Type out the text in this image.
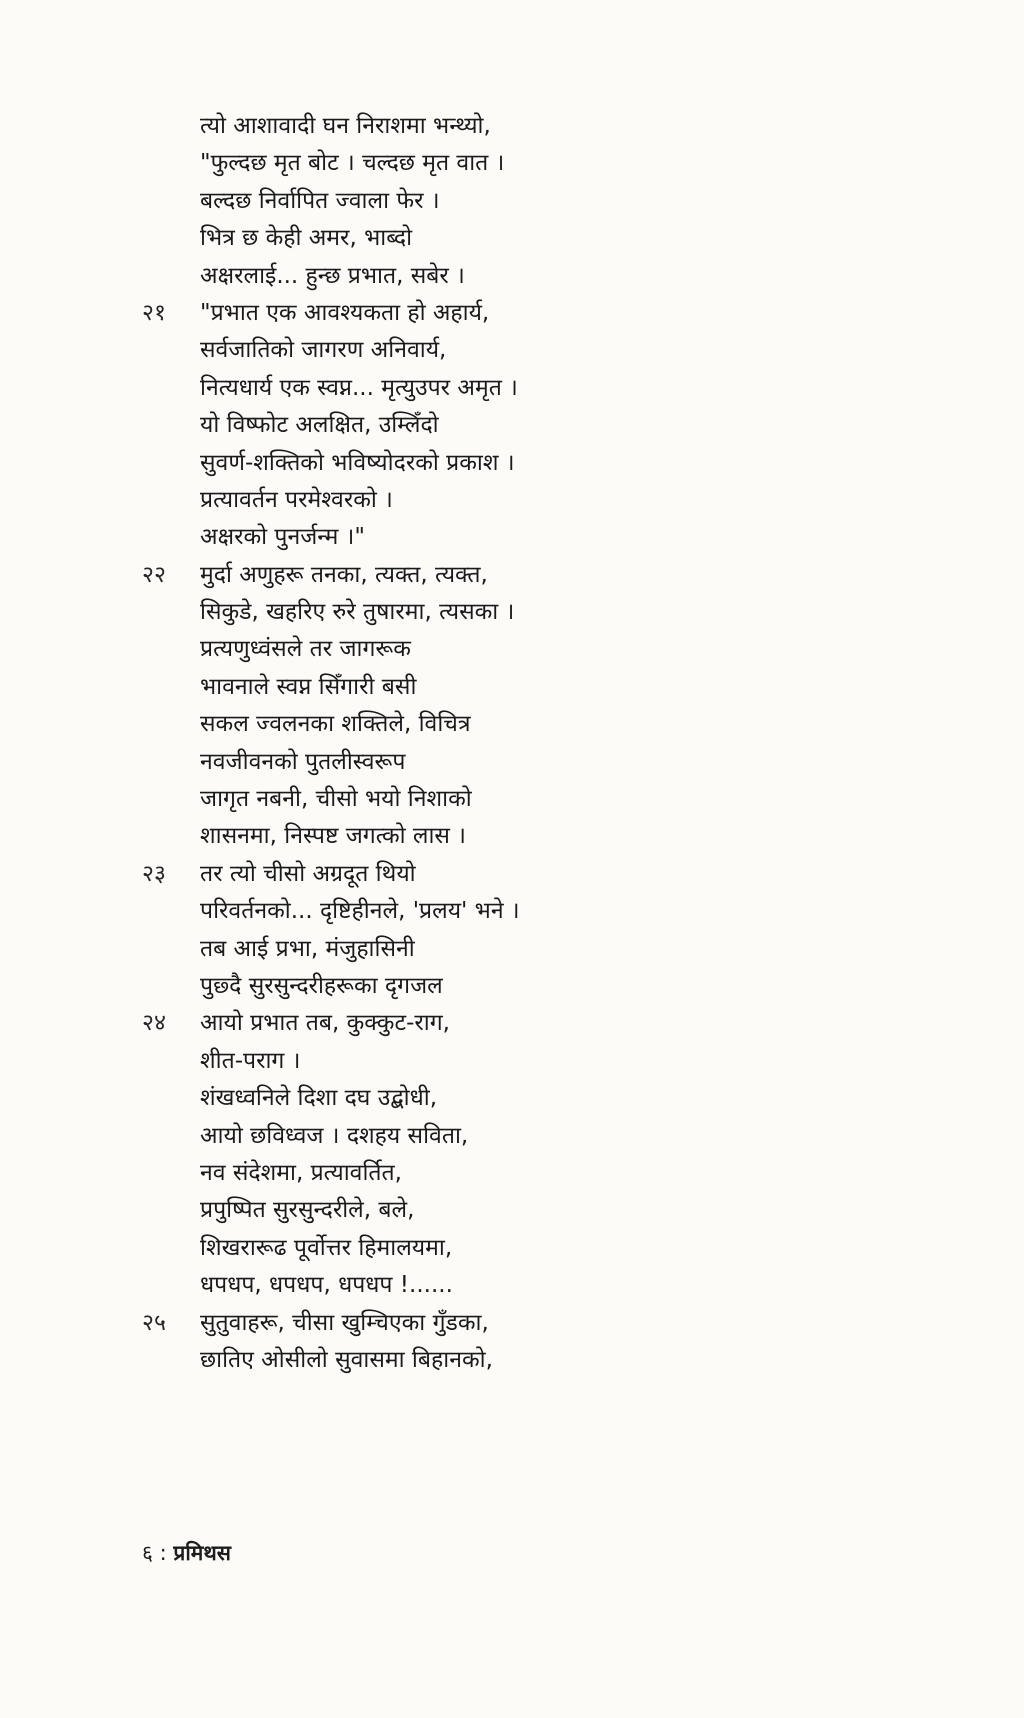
त्यो आशावादी घन निराशमा भन्थ्यो,
"फुल्दछ मृत बोट । चल्दछ मृत वात ।
बल्दछ निर्वापित ज्वाला फेर ।
भित्र छ केही अमर, भाब्दो
अक्षरलाई... हुन्छ प्रभात, सबेर ।
२१ "प्रभात एक आवश्यकता हो अहार्य,
सर्वजातिको जागरण अनिवार्य,
नित्यधार्य एक स्वप्न... मृत्युउपर अमृत ।
यो विष्फोट अलक्षित, उम्लिँदो
सुवर्ण-शक्तिको भविष्योदरको प्रकाश ।
प्रत्यावर्तन परमेश्वरको ।
अक्षरको पुनर्जन्म ।"
२२ मुर्दा अणुहरू तनका, त्यक्त, त्यक्त,
सिकुडे, खहरिए रुरे तुषारमा, त्यसका ।
प्रत्यणुध्वंसले तर जागरूक
भावनाले स्वप्न सिँगारी बसी
सकल ज्वलनका शक्तिले, विचित्र
नवजीवनको पुतलीस्वरूप
जागृत नबनी, चीसो भयो निशाको
शासनमा, निस्पष्ट जगत्को लास ।
२३ तर त्यो चीसो अग्रदूत थियो
परिवर्तनको... दृष्टिहीनले, 'प्रलय' भने ।
तब आई प्रभा, मंजुहासिनी
पुछ्दै सुरसुन्दरीहरूका दृगजल
२४ आयो प्रभात तब, कुक्कुट-राग,
शीत-पराग ।
शंखध्वनिले दिशा दघ उद्बोधी,
आयो छविध्वज । दशहय सविता,
नव संदेशमा, प्रत्यावर्तित,
प्रपुष्पित सुरसुन्दरीले, बले,
शिखरारूढ पूर्वोत्तर हिमालयमा,
धपधप, धपधप, धपधप !......
२५ सुतुवाहरू, चीसा खुम्चिएका गुँडका,
छातिए ओसीलो सुवासमा बिहानको,
६ : प्रमिथस
